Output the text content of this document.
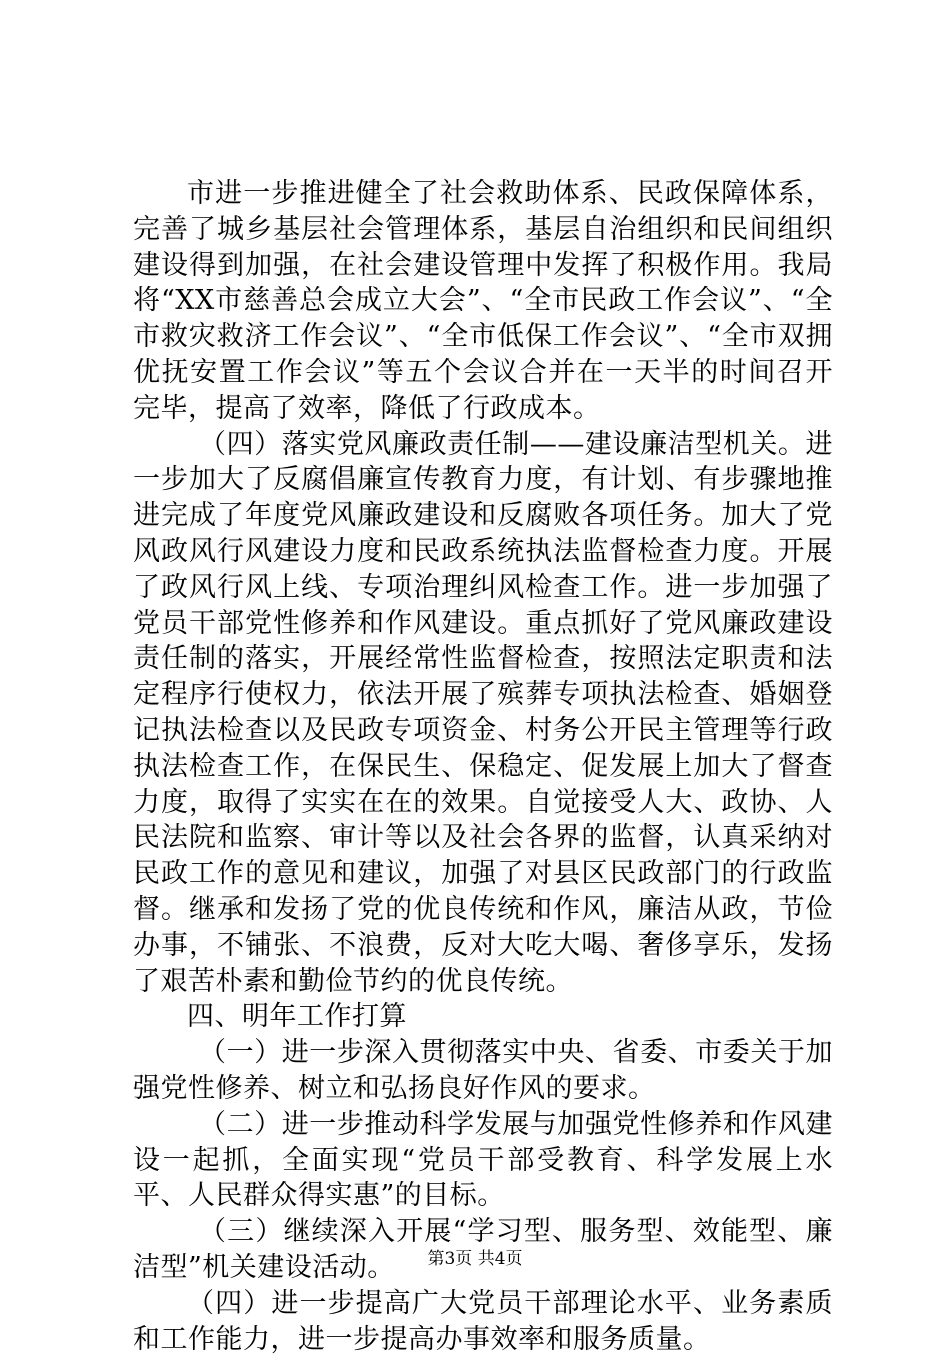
市进一步推进健全了社会救助体系、民政保障体系，完善了城乡基层社会管理体系，基层自治组织和民间组织建设得到加强，在社会建设管理中发挥了积极作用。我局将“XX市慈善总会成立大会”、“全市民政工作会议”、“全市救灾救济工作会议”、“全市低保工作会议”、“全市双拥优抚安置工作会议”等五个会议合并在一天半的时间召开完毕，提高了效率，降低了行政成本。

（四）落实党风廉政责任制——建设廉洁型机关。进一步加大了反腐倡廉宣传教育力度，有计划、有步骤地推进完成了年度党风廉政建设和反腐败各项任务。加大了党风政风行风建设力度和民政系统执法监督检查力度。开展了政风行风上线、专项治理纠风检查工作。进一步加强了党员干部党性修养和作风建设。重点抓好了党风廉政建设责任制的落实，开展经常性监督检查，按照法定职责和法定程序行使权力，依法开展了殡葬专项执法检查、婚姻登记执法检查以及民政专项资金、村务公开民主管理等行政执法检查工作，在保民生、保稳定、促发展上加大了督查力度，取得了实实在在的效果。自觉接受人大、政协、人民法院和监察、审计等以及社会各界的监督，认真采纳对民政工作的意见和建议，加强了对县区民政部门的行政监督。继承和发扬了党的优良传统和作风，廉洁从政，节俭办事，不铺张、不浪费，反对大吃大喝、奢侈享乐，发扬了艰苦朴素和勤俭节约的优良传统。

四、明年工作打算

（一）进一步深入贯彻落实中央、省委、市委关于加强党性修养、树立和弘扬良好作风的要求。

（二）进一步推动科学发展与加强党性修养和作风建设一起抓，全面实现“党员干部受教育、科学发展上水平、人民群众得实惠”的目标。

（三）继续深入开展“学习型、服务型、效能型、廉洁型”机关建设活动。

（四）进一步提高广大党员干部理论水平、业务素质和工作能力，进一步提高办事效率和服务质量。

第3页 共4页
